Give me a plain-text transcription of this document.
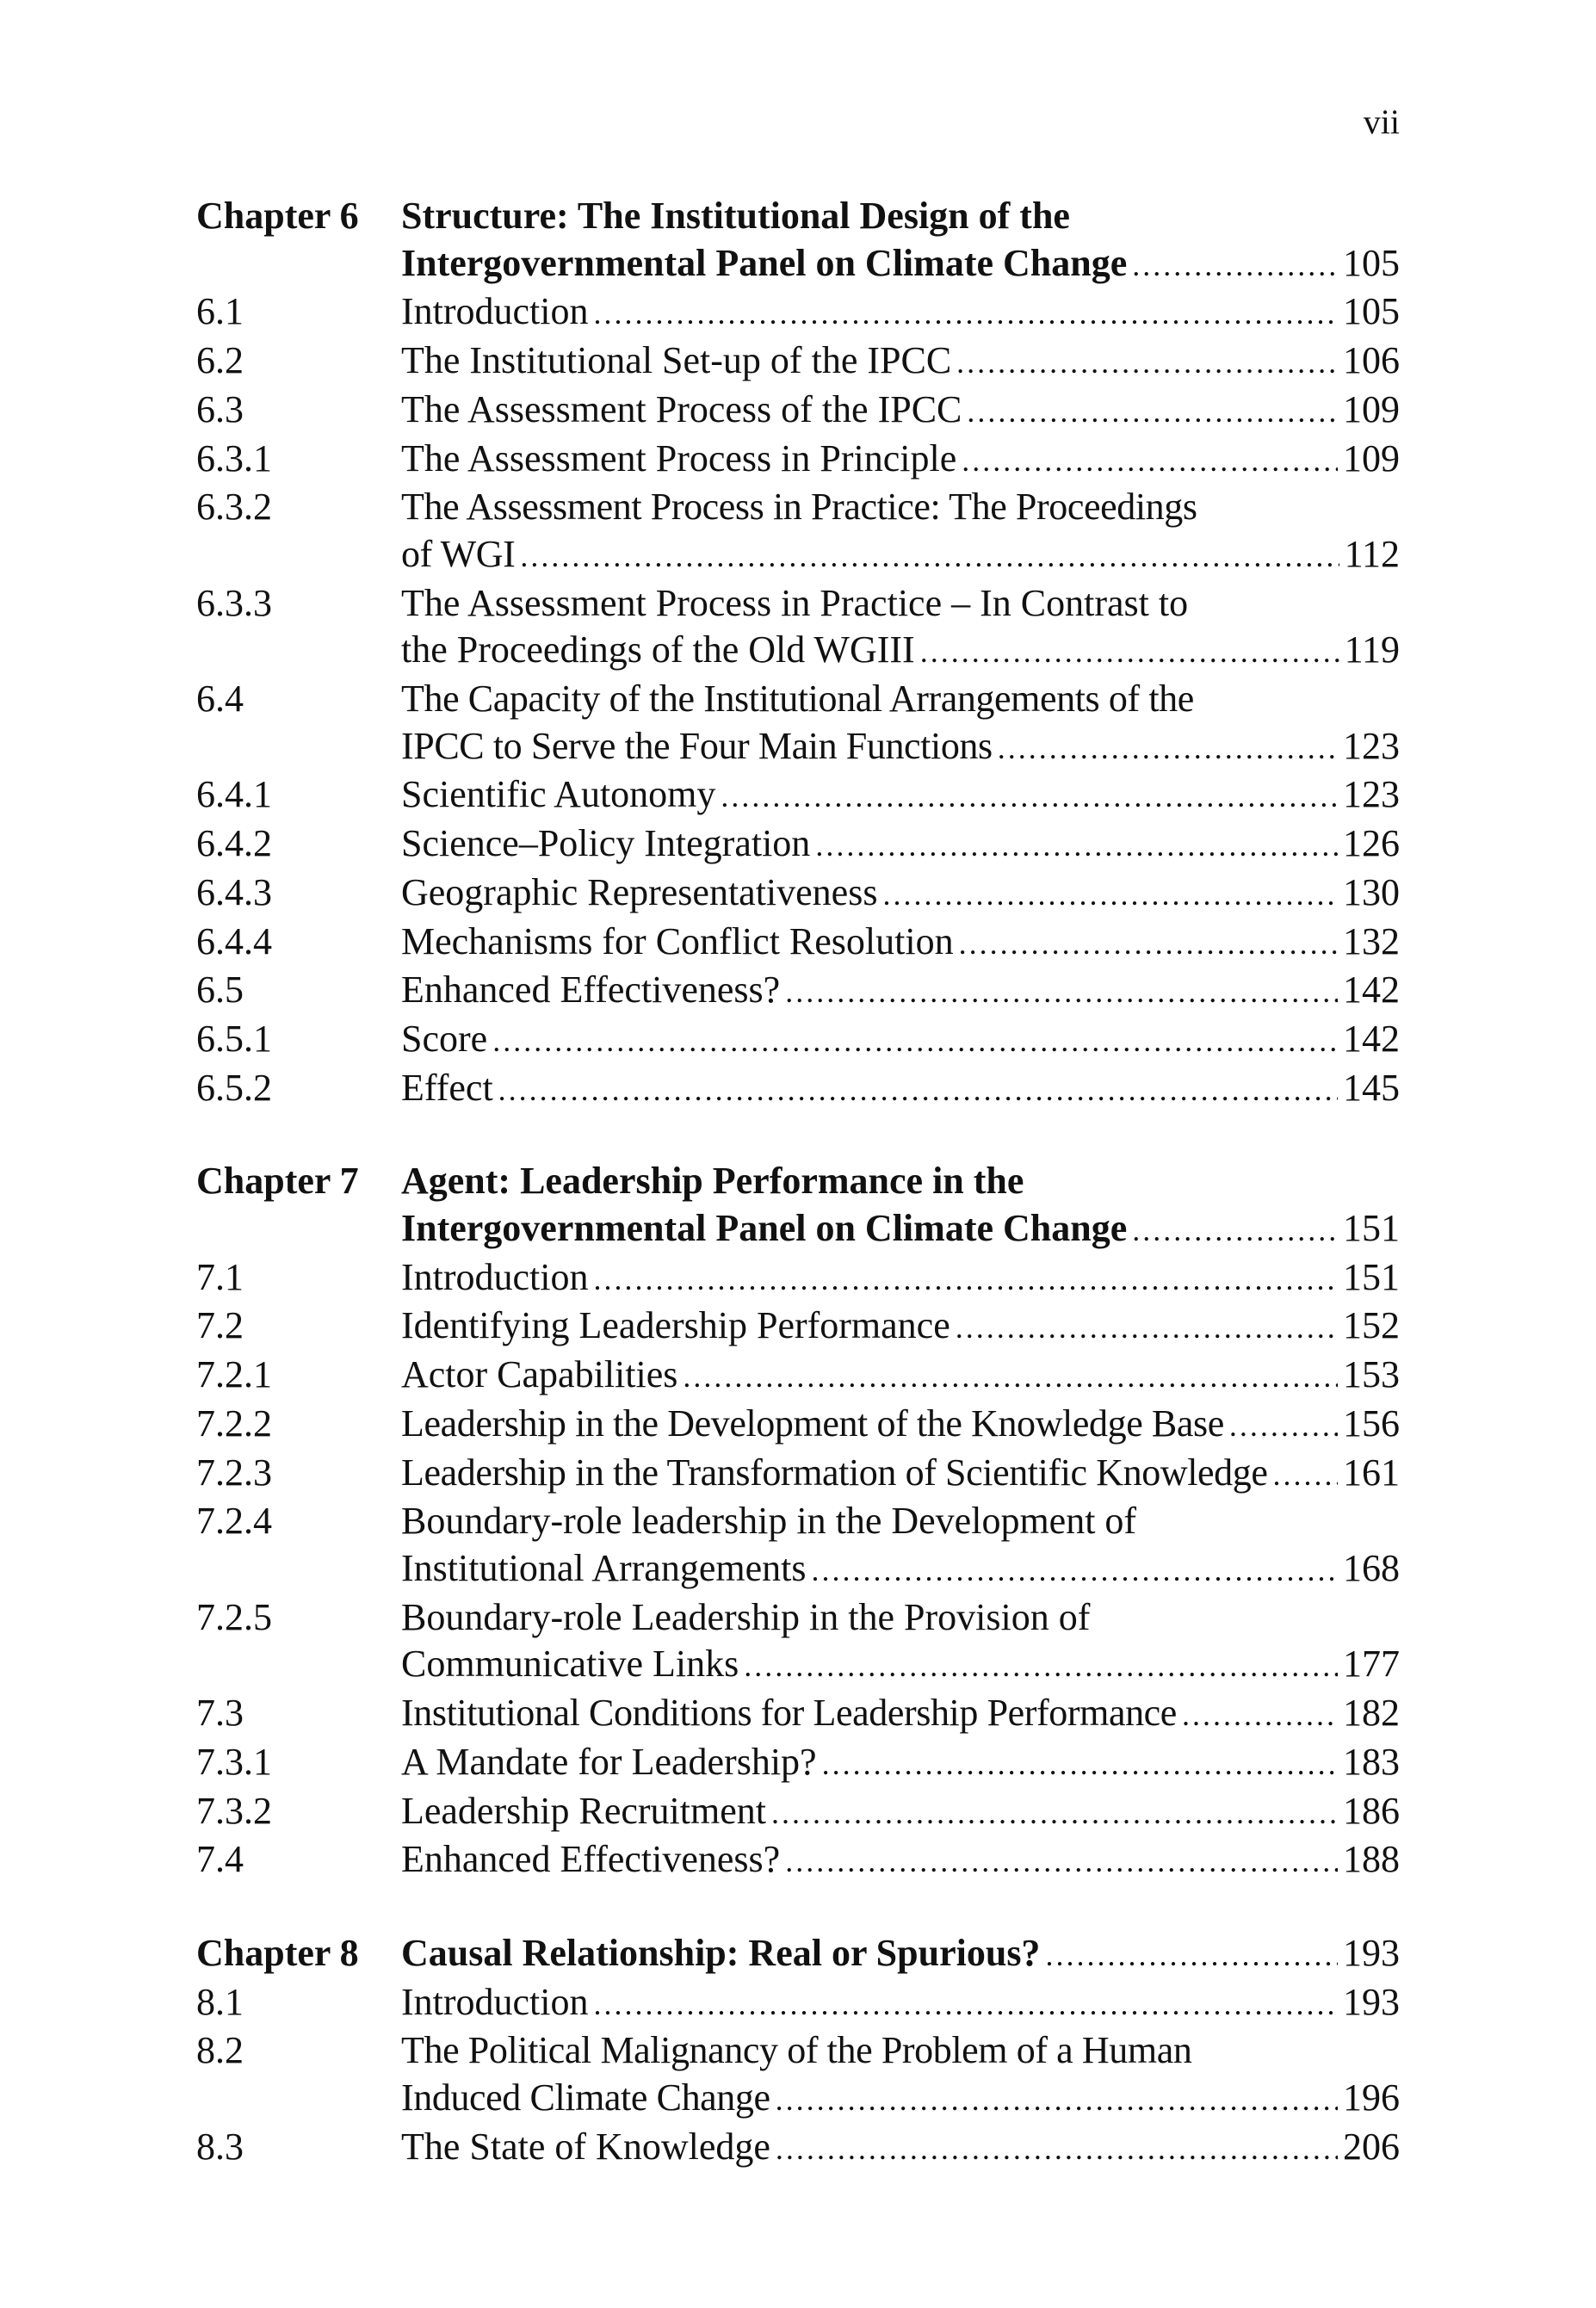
vii
Chapter 6	Structure: The Institutional Design of the
Intergovernmental Panel on Climate Change .....	105
6.1	Introduction .....	105
6.2	The Institutional Set-up of the IPCC .....	106
6.3	The Assessment Process of the IPCC .....	109
6.3.1	The Assessment Process in Principle .....	109
6.3.2	The Assessment Process in Practice: The Proceedings
of WGI .....	112
6.3.3	The Assessment Process in Practice – In Contrast to
the Proceedings of the Old WGIII .....	119
6.4	The Capacity of the Institutional Arrangements of the
IPCC to Serve the Four Main Functions .....	123
6.4.1	Scientific Autonomy .....	123
6.4.2	Science–Policy Integration .....	126
6.4.3	Geographic Representativeness .....	130
6.4.4	Mechanisms for Conflict Resolution .....	132
6.5	Enhanced Effectiveness? .....	142
6.5.1	Score .....	142
6.5.2	Effect .....	145
Chapter 7	Agent: Leadership Performance in the
Intergovernmental Panel on Climate Change .....	151
7.1	Introduction .....	151
7.2	Identifying Leadership Performance .....	152
7.2.1	Actor Capabilities .....	153
7.2.2	Leadership in the Development of the Knowledge Base .....	156
7.2.3	Leadership in the Transformation of Scientific Knowledge ..... 161
7.2.4	Boundary-role leadership in the Development of
Institutional Arrangements .....	168
7.2.5	Boundary-role Leadership in the Provision of
Communicative Links .....	177
7.3	Institutional Conditions for Leadership Performance .....	182
7.3.1	A Mandate for Leadership? .....	183
7.3.2	Leadership Recruitment .....	186
7.4	Enhanced Effectiveness? .....	188
Chapter 8	Causal Relationship: Real or Spurious? .....	193
8.1	Introduction .....	193
8.2	The Political Malignancy of the Problem of a Human
Induced Climate Change .....	196
8.3	The State of Knowledge .....	206
